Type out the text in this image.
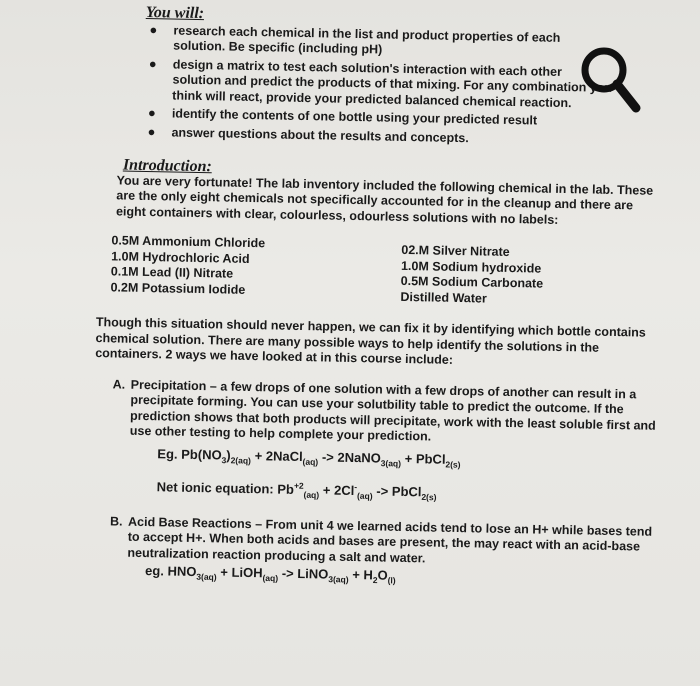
You will:
● research each chemical in the list and product properties of each solution. Be specific (including pH)
● design a matrix to test each solution's interaction with each other solution and predict the products of that mixing. For any combination you think will react, provide your predicted balanced chemical reaction.
● identify the contents of one bottle using your predicted result
● answer questions about the results and concepts.
Introduction:

You are very fortunate! The lab inventory included the following chemical in the lab. These are the only eight chemicals not specifically accounted for in the cleanup and there are eight containers with clear, colourless, odourless solutions with no labels:

0.5M Ammonium Chloride
1.0M Hydrochloric Acid
0.1M Lead (II) Nitrate
0.2M Potassium Iodide
02.M Silver Nitrate
1.0M Sodium hydroxide
0.5M Sodium Carbonate
Distilled Water

Though this situation should never happen, we can fix it by identifying which bottle contains chemical solution. There are many possible ways to help identify the solutions in the containers. 2 ways we have looked at in this course include:

A. Precipitation – a few drops of one solution with a few drops of another can result in a precipitate forming. You can use your solutbility table to predict the outcome. If the prediction shows that both products will precipitate, work with the least soluble first and use other testing to help complete your prediction.
Eg. $Pb(NO_3)_{2(aq)}$ + 2NaCl$_{(aq)}$ -> 2NaNO$_{3(aq)}$ + PbCl$_{2(s)}$
Net ionic equation: $Pb^{+2}_{(aq)} + 2Cl^-_{(aq)}$ -> PbCl$_{2(s)}$
B. Acid Base Reactions – From unit 4 we learned acids tend to lose an H+ while bases tend to accept H+. When both acids and bases are present, the may react with an acid-base neutralization reaction producing a salt and water.
eg. $HNO_{3(aq)}$ + LiOH$_{(aq)}$ -> LiNO$_{3(aq)}$ + $H_2O_{(l)}$
